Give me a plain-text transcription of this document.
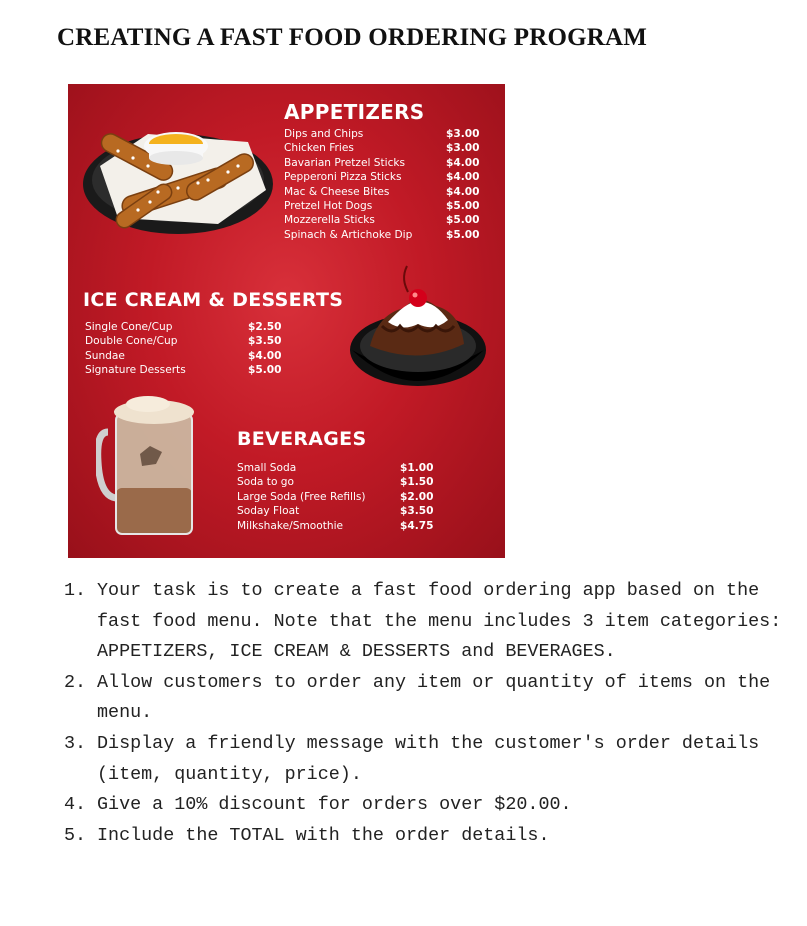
CREATING A FAST FOOD ORDERING PROGRAM
APPETIZERS
Dips and Chips	$3.00
Chicken Fries	$3.00
Bavarian Pretzel Sticks	$4.00
Pepperoni Pizza Sticks	$4.00
Mac & Cheese Bites	$4.00
Pretzel Hot Dogs	$5.00
Mozzerella Sticks	$5.00
Spinach & Artichoke Dip	$5.00
ICE CREAM & DESSERTS
Single Cone/Cup	$2.50
Double Cone/Cup	$3.50
Sundae	$4.00
Signature Desserts	$5.00
BEVERAGES
Small Soda	$1.00
Soda to go	$1.50
Large Soda (Free Refills)	$2.00
Soday Float	$3.50
Milkshake/Smoothie	$4.75
1. Your task is to create a fast food ordering app based on the fast food menu. Note that the menu includes 3 item categories: APPETIZERS, ICE CREAM & DESSERTS and BEVERAGES.
2. Allow customers to order any item or quantity of items on the menu.
3. Display a friendly message with the customer's order details (item, quantity, price).
4. Give a 10% discount for orders over $20.00.
5. Include the TOTAL with the order details.
